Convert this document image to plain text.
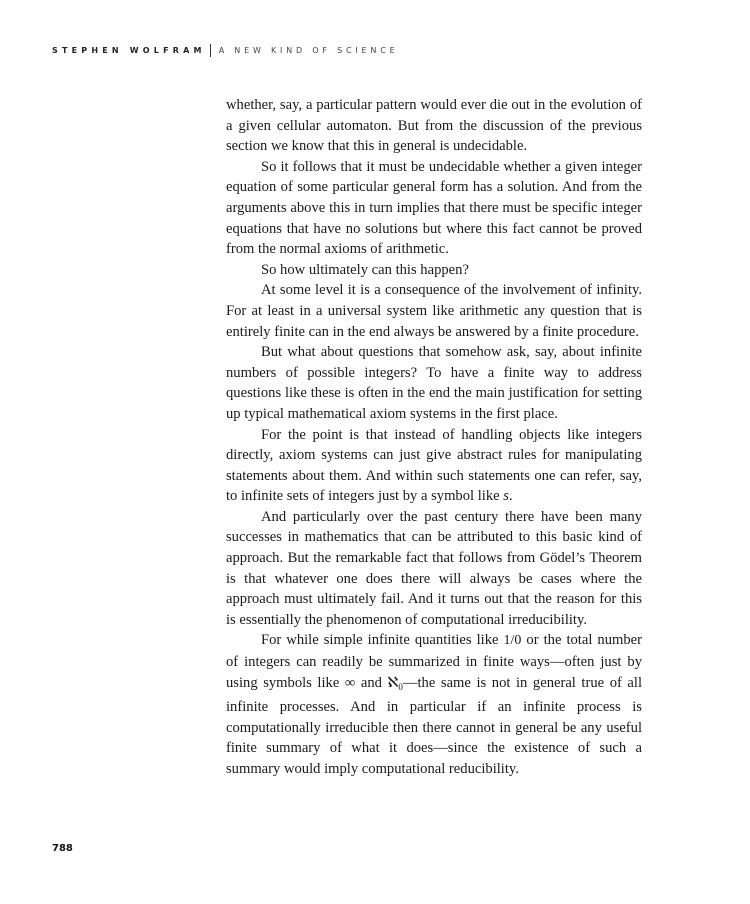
STEPHEN WOLFRAM A NEW KIND OF SCIENCE

whether, say, a particular pattern would ever die out in the evolution of a given cellular automaton. But from the discussion of the previous section we know that this in general is undecidable.

So it follows that it must be undecidable whether a given integer equation of some particular general form has a solution. And from the arguments above this in turn implies that there must be specific integer equations that have no solutions but where this fact cannot be proved from the normal axioms of arithmetic.

So how ultimately can this happen?

At some level it is a consequence of the involvement of infinity. For at least in a universal system like arithmetic any question that is entirely finite can in the end always be answered by a finite procedure.

But what about questions that somehow ask, say, about infinite numbers of possible integers? To have a finite way to address questions like these is often in the end the main justification for setting up typical mathematical axiom systems in the first place.

For the point is that instead of handling objects like integers directly, axiom systems can just give abstract rules for manipulating statements about them. And within such statements one can refer, say, to infinite sets of integers just by a symbol like s.

And particularly over the past century there have been many successes in mathematics that can be attributed to this basic kind of approach. But the remarkable fact that follows from Gödel’s Theorem is that whatever one does there will always be cases where the approach must ultimately fail. And it turns out that the reason for this is essentially the phenomenon of computational irreducibility.

For while simple infinite quantities like 1/0 or the total number of integers can readily be summarized in finite ways—often just by using symbols like ∞ and ℵ$_0$—the same is not in general true of all infinite processes. And in particular if an infinite process is computationally irreducible then there cannot in general be any useful finite summary of what it does—since the existence of such a summary would imply computational reducibility.

788
